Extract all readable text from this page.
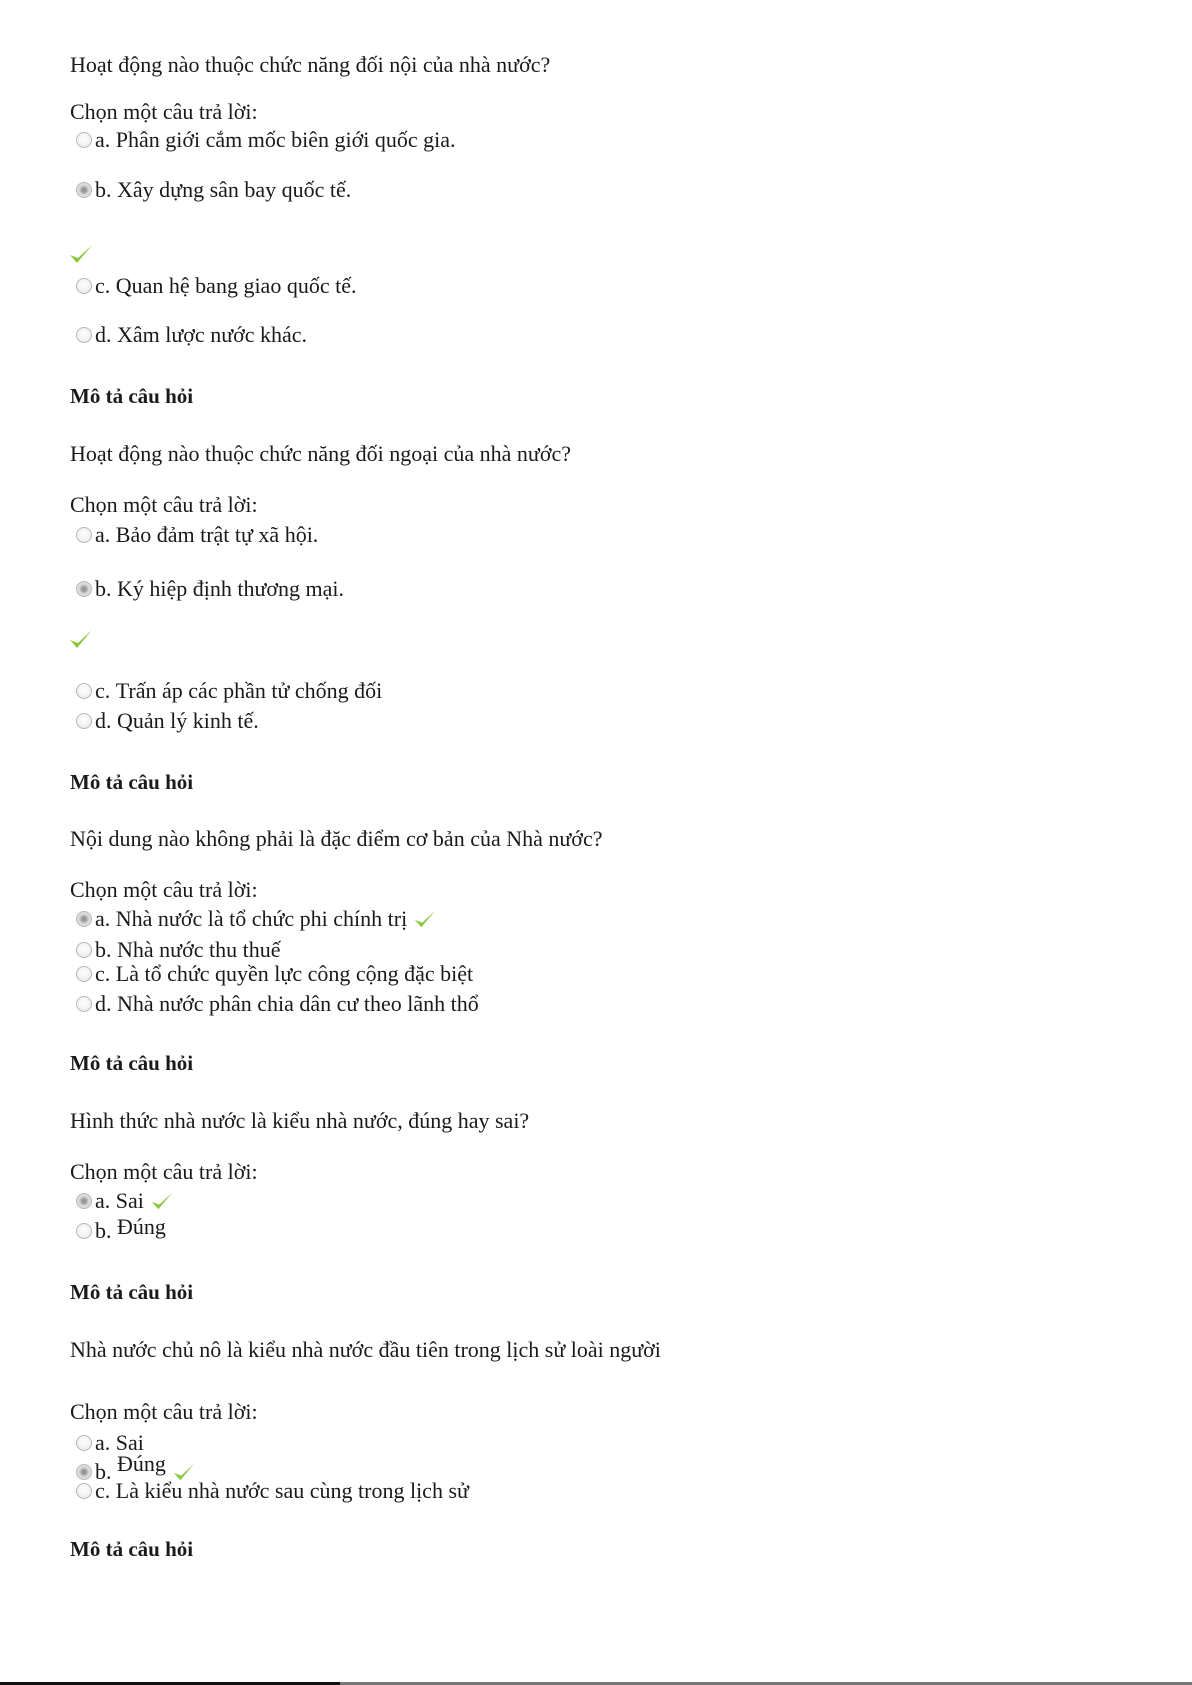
Hoạt động nào thuộc chức năng đối nội của nhà nước?
Chọn một câu trả lời:
a.
Phân giới cắm mốc biên giới quốc gia.
b.
Xây dựng sân bay quốc tế.
c.
Quan hệ bang giao quốc tế.
d.
Xâm lược nước khác.
Mô tả câu hỏi
Hoạt động nào thuộc chức năng đối ngoại của nhà nước?
Chọn một câu trả lời:
a.
Bảo đảm trật tự xã hội.
b.
Ký hiệp định thương mại.
c.
Trấn áp các phần tử chống đối
d.
Quản lý kinh tế.
Mô tả câu hỏi
Nội dung nào không phải là đặc điểm cơ bản của Nhà nước?
Chọn một câu trả lời:
a.
Nhà nước là tổ chức phi chính trị
b.
Nhà nước thu thuế
c.
Là tổ chức quyền lực công cộng đặc biệt
d.
Nhà nước phân chia dân cư theo lãnh thổ
Mô tả câu hỏi
Hình thức nhà nước là kiểu nhà nước, đúng hay sai?
Chọn một câu trả lời:
a.
Sai
b.
Đúng
Mô tả câu hỏi
Nhà nước chủ nô là kiểu nhà nước đầu tiên trong lịch sử loài người
Chọn một câu trả lời:
a.
Sai
b.
Đúng
c.
Là kiểu nhà nước sau cùng trong lịch sử
Mô tả câu hỏi
